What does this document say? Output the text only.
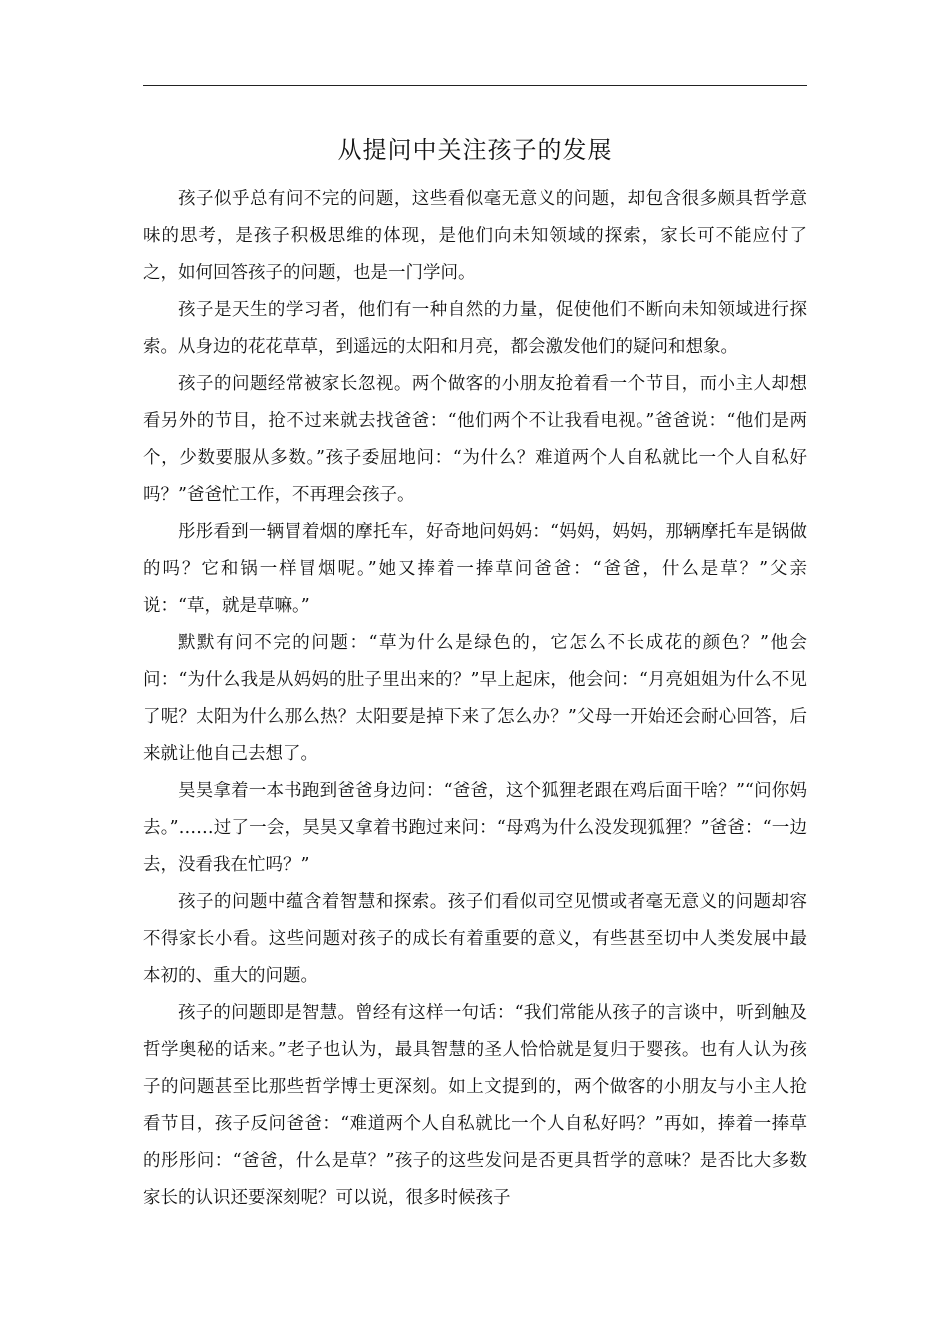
从提问中关注孩子的发展

孩子似乎总有问不完的问题，这些看似毫无意义的问题，却包含很多颇具哲学意味的思考，是孩子积极思维的体现，是他们向未知领域的探索，家长可不能应付了之，如何回答孩子的问题，也是一门学问。

孩子是天生的学习者，他们有一种自然的力量，促使他们不断向未知领域进行探索。从身边的花花草草，到遥远的太阳和月亮，都会激发他们的疑问和想象。

孩子的问题经常被家长忽视。两个做客的小朋友抢着看一个节目，而小主人却想看另外的节目，抢不过来就去找爸爸：“他们两个不让我看电视。”爸爸说：“他们是两个，少数要服从多数。”孩子委屈地问：“为什么？难道两个人自私就比一个人自私好吗？”爸爸忙工作，不再理会孩子。

彤彤看到一辆冒着烟的摩托车，好奇地问妈妈：“妈妈，妈妈，那辆摩托车是锅做的吗？它和锅一样冒烟呢。”她又捧着一捧草问爸爸：“爸爸，什么是草？”父亲说：“草，就是草嘛。”

默默有问不完的问题：“草为什么是绿色的，它怎么不长成花的颜色？”他会问：“为什么我是从妈妈的肚子里出来的？”早上起床，他会问：“月亮姐姐为什么不见了呢？太阳为什么那么热？太阳要是掉下来了怎么办？”父母一开始还会耐心回答，后来就让他自己去想了。

昊昊拿着一本书跑到爸爸身边问：“爸爸，这个狐狸老跟在鸡后面干啥？”“问你妈去。”……过了一会，昊昊又拿着书跑过来问：“母鸡为什么没发现狐狸？”爸爸：“一边去，没看我在忙吗？”

孩子的问题中蕴含着智慧和探索。孩子们看似司空见惯或者毫无意义的问题却容不得家长小看。这些问题对孩子的成长有着重要的意义，有些甚至切中人类发展中最本初的、重大的问题。

孩子的问题即是智慧。曾经有这样一句话：“我们常能从孩子的言谈中，听到触及哲学奥秘的话来。”老子也认为，最具智慧的圣人恰恰就是复归于婴孩。也有人认为孩子的问题甚至比那些哲学博士更深刻。如上文提到的，两个做客的小朋友与小主人抢看节目，孩子反问爸爸：“难道两个人自私就比一个人自私好吗？”再如，捧着一捧草的彤彤问：“爸爸，什么是草？”孩子的这些发问是否更具哲学的意味？是否比大多数家长的认识还要深刻呢？可以说，很多时候孩子
